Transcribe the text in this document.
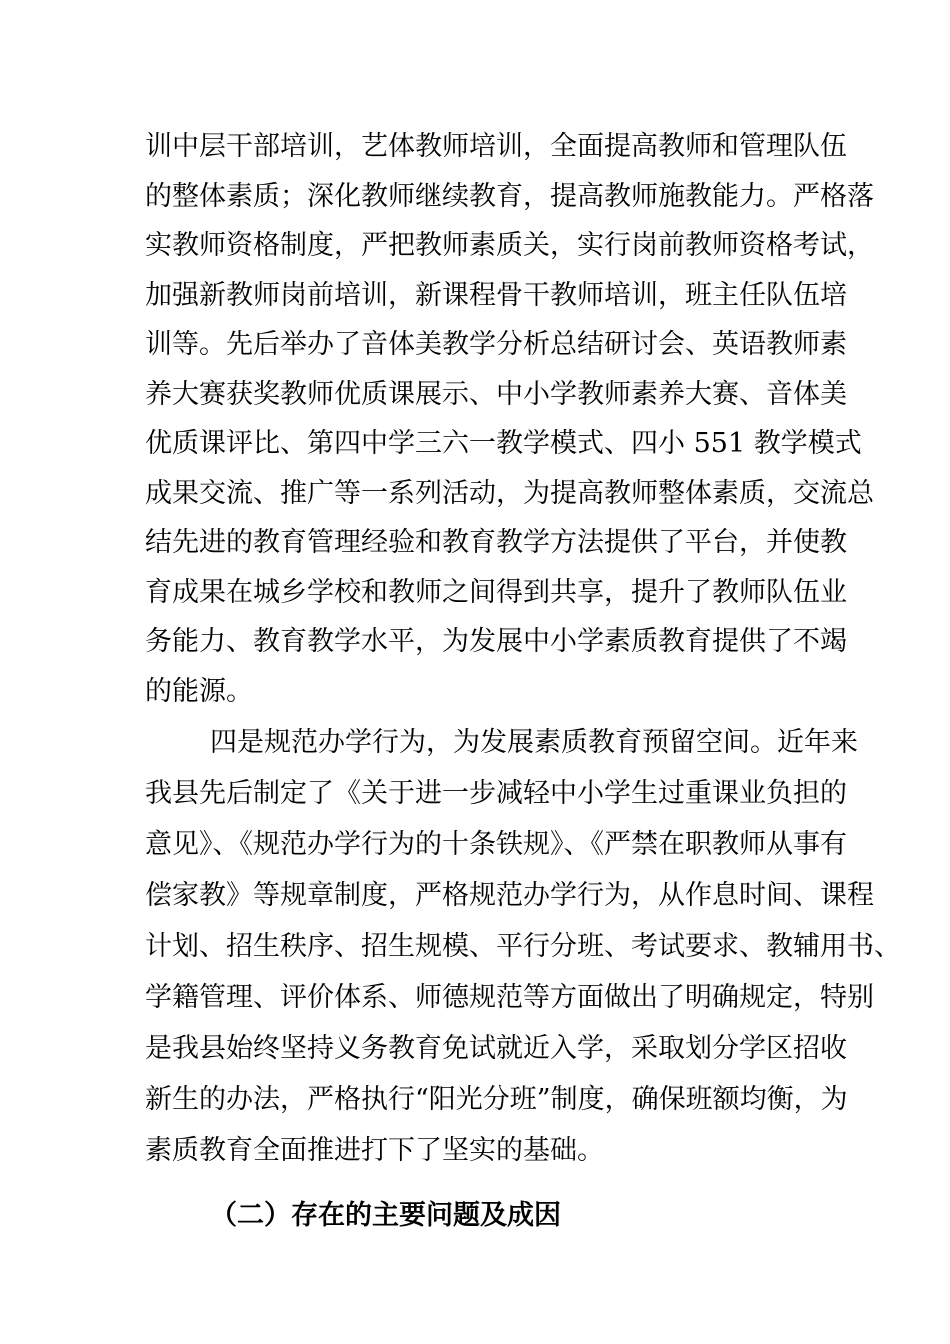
训中层干部培训，艺体教师培训，全面提高教师和管理队伍
的整体素质；深化教师继续教育，提高教师施教能力。严格落
实教师资格制度，严把教师素质关，实行岗前教师资格考试，
加强新教师岗前培训，新课程骨干教师培训，班主任队伍培
训等。先后举办了音体美教学分析总结研讨会、英语教师素
养大赛获奖教师优质课展示、中小学教师素养大赛、音体美
优质课评比、第四中学三六一教学模式、四小 551 教学模式
成果交流、推广等一系列活动，为提高教师整体素质，交流总
结先进的教育管理经验和教育教学方法提供了平台，并使教
育成果在城乡学校和教师之间得到共享，提升了教师队伍业
务能力、教育教学水平，为发展中小学素质教育提供了不竭
的能源。
四是规范办学行为，为发展素质教育预留空间。近年来
我县先后制定了《关于进一步减轻中小学生过重课业负担的
意见》、《规范办学行为的十条铁规》、《严禁在职教师从事有
偿家教》等规章制度，严格规范办学行为，从作息时间、课程
计划、招生秩序、招生规模、平行分班、考试要求、教辅用书、
学籍管理、评价体系、师德规范等方面做出了明确规定，特别
是我县始终坚持义务教育免试就近入学，采取划分学区招收
新生的办法，严格执行“阳光分班”制度，确保班额均衡，为
素质教育全面推进打下了坚实的基础。
（二）存在的主要问题及成因
